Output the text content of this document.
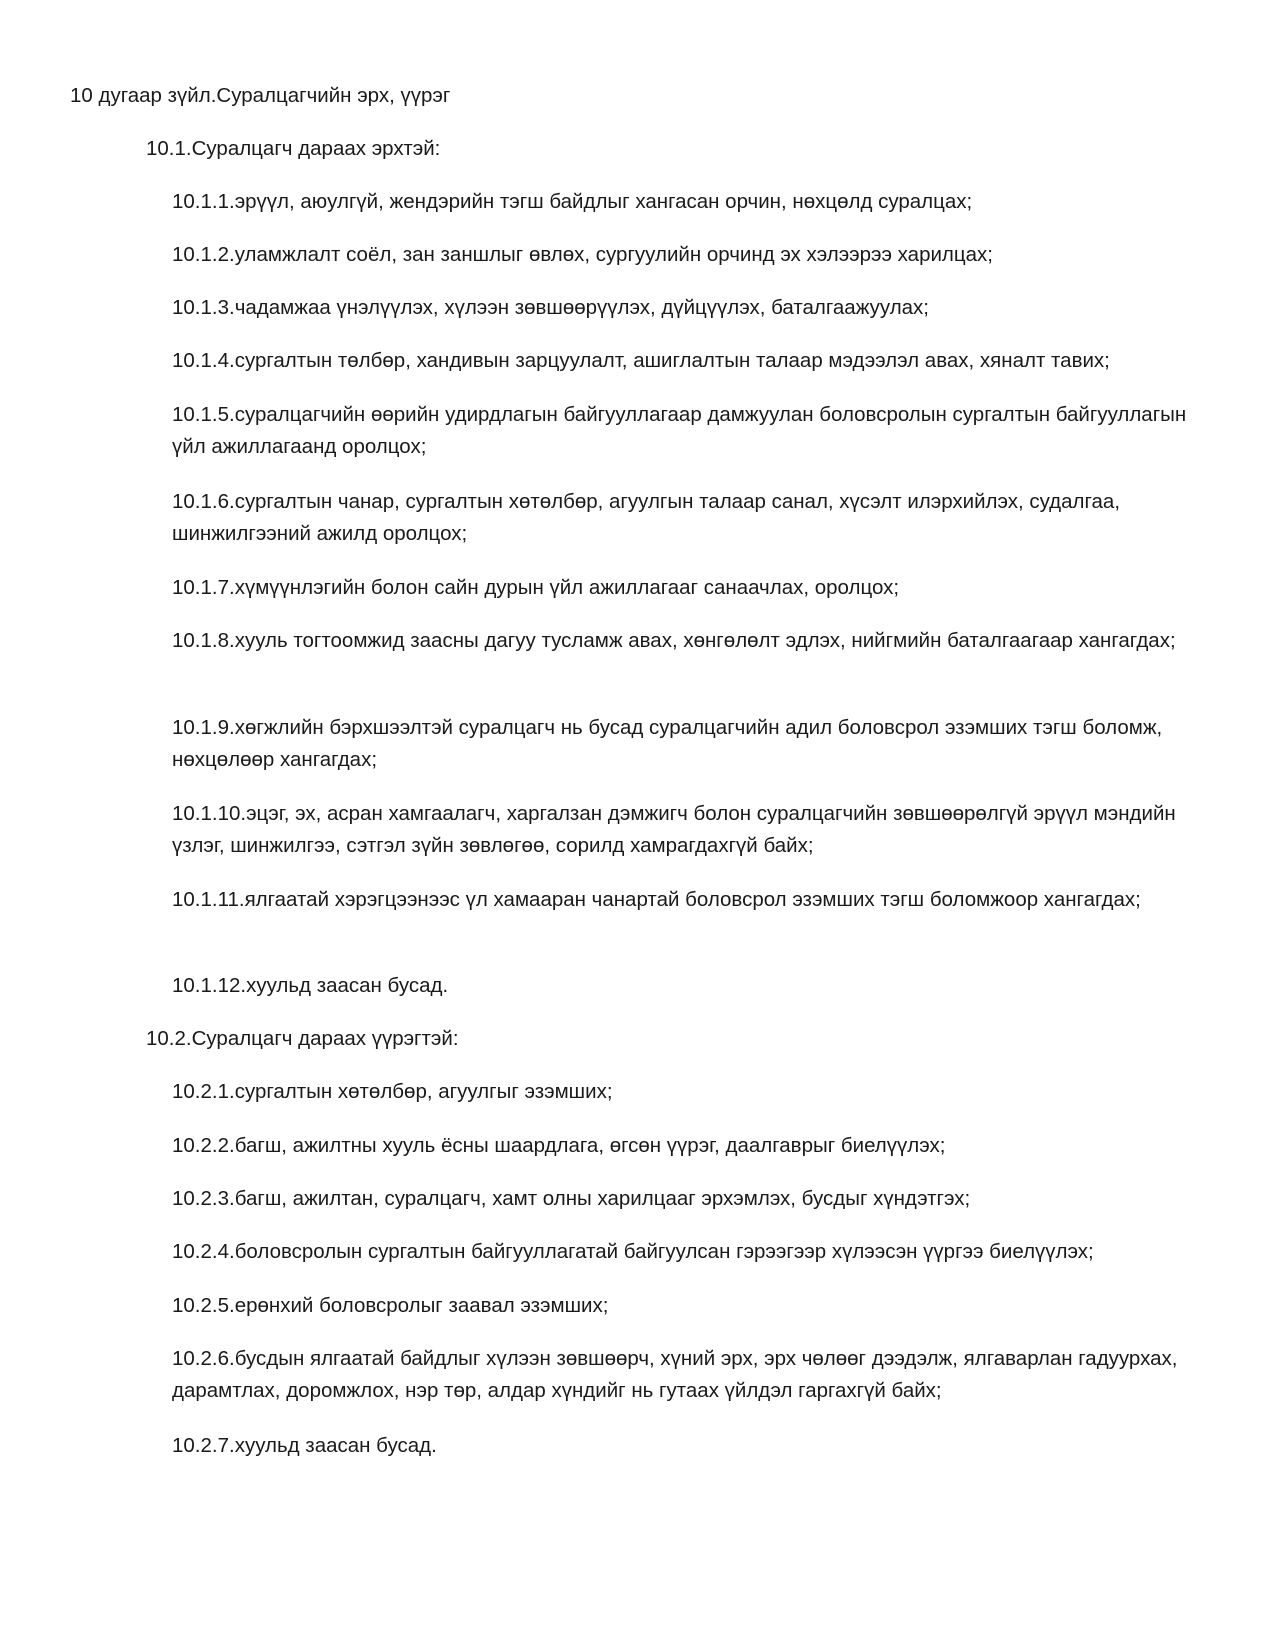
10 дугаар зүйл.Суралцагчийн эрх, үүрэг

10.1.Суралцагч дараах эрхтэй:

10.1.1.эрүүл, аюулгүй, жендэрийн тэгш байдлыг хангасан орчин, нөхцөлд суралцах;

10.1.2.уламжлалт соёл, зан заншлыг өвлөх, сургуулийн орчинд эх хэлээрээ харилцах;

10.1.3.чадамжаа үнэлүүлэх, хүлээн зөвшөөрүүлэх, дүйцүүлэх, баталгаажуулах;

10.1.4.сургалтын төлбөр, хандивын зарцуулалт, ашиглалтын талаар мэдээлэл авах, хяналт тавих;

10.1.5.суралцагчийн өөрийн удирдлагын байгууллагаар дамжуулан боловсролын сургалтын байгууллагын үйл ажиллагаанд оролцох;

10.1.6.сургалтын чанар, сургалтын хөтөлбөр, агуулгын талаар санал, хүсэлт илэрхийлэх, судалгаа, шинжилгээний ажилд оролцох;

10.1.7.хүмүүнлэгийн болон сайн дурын үйл ажиллагааг санаачлах, оролцох;

10.1.8.хууль тогтоомжид заасны дагуу тусламж авах, хөнгөлөлт эдлэх, нийгмийн баталгаагаар хангагдах;

10.1.9.хөгжлийн бэрхшээлтэй суралцагч нь бусад суралцагчийн адил боловсрол эзэмших тэгш боломж, нөхцөлөөр хангагдах;

10.1.10.эцэг, эх, асран хамгаалагч, харгалзан дэмжигч болон суралцагчийн зөвшөөрөлгүй эрүүл мэндийн үзлэг, шинжилгээ, сэтгэл зүйн зөвлөгөө, сорилд хамрагдахгүй байх;

10.1.11.ялгаатай хэрэгцээнээс үл хамааран чанартай боловсрол эзэмших тэгш боломжоор хангагдах;

10.1.12.хуульд заасан бусад.

10.2.Суралцагч дараах үүрэгтэй:

10.2.1.сургалтын хөтөлбөр, агуулгыг эзэмших;

10.2.2.багш, ажилтны хууль ёсны шаардлага, өгсөн үүрэг, даалгаврыг биелүүлэх;

10.2.3.багш, ажилтан, суралцагч, хамт олны харилцааг эрхэмлэх, бусдыг хүндэтгэх;

10.2.4.боловсролын сургалтын байгууллагатай байгуулсан гэрээгээр хүлээсэн үүргээ биелүүлэх;

10.2.5.ерөнхий боловсролыг заавал эзэмших;

10.2.6.бусдын ялгаатай байдлыг хүлээн зөвшөөрч, хүний эрх, эрх чөлөөг дээдэлж, ялгаварлан гадуурхах, дарамтлах, доромжлох, нэр төр, алдар хүндийг нь гутаах үйлдэл гаргахгүй байх;

10.2.7.хуульд заасан бусад.
